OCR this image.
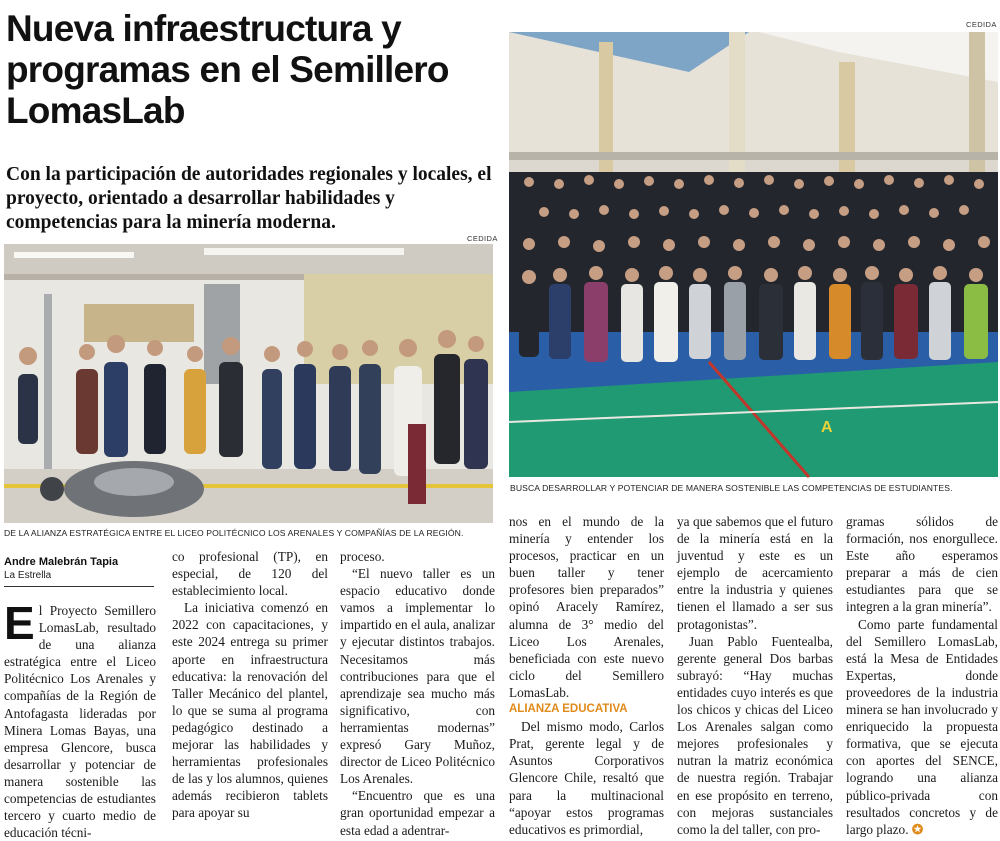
Nueva infraestructura y
programas en el Semillero
LomasLab
Con la participación de autoridades regionales y locales, el
proyecto, orientado a desarrollar habilidades y
competencias para la minería moderna.
CEDIDA
DE LA ALIANZA ESTRATÉGICA ENTRE EL LICEO POLITÉCNICO LOS ARENALES Y COMPAÑÍAS DE LA REGIÓN.
CEDIDA
A
BUSCA DESARROLLAR Y POTENCIAR DE MANERA SOSTENIBLE LAS COMPETENCIAS DE ESTUDIANTES.
Andre Malebrán Tapia
La Estrella

El Proyecto Semillero LomasLab, resultado de una alianza estratégica entre el Liceo Politécnico Los Arenales y compañías de la Región de Antofagasta lideradas por Minera Lomas Bayas, una empresa Glencore, busca desarrollar y potenciar de manera sostenible las competencias de estudiantes tercero y cuarto medio de educación técni-

co profesional (TP), en especial, de 120 del establecimiento local.

La iniciativa comenzó en 2022 con capacitaciones, y este 2024 entrega su primer aporte en infraestructura educativa: la renovación del Taller Mecánico del plantel, lo que se suma al programa pedagógico destinado a mejorar las habilidades y herramientas profesionales de las y los alumnos, quienes además recibieron tablets para apoyar su

proceso.

“El nuevo taller es un espacio educativo donde vamos a implementar lo impartido en el aula, analizar y ejecutar distintos trabajos. Necesitamos más contribuciones para que el aprendizaje sea mucho más significativo, con herramientas modernas” expresó Gary Muñoz, director de Liceo Politécnico Los Arenales.

“Encuentro que es una gran oportunidad empezar a esta edad a adentrar-

nos en el mundo de la minería y entender los procesos, practicar en un buen taller y tener profesores bien preparados” opinó Aracely Ramírez, alumna de 3° medio del Liceo Los Arenales, beneficiada con este nuevo ciclo del Semillero LomasLab.

ALIANZA EDUCATIVA

Del mismo modo, Carlos Prat, gerente legal y de Asuntos Corporativos Glencore Chile, resaltó que para la multinacional “apoyar estos programas educativos es primordial,

ya que sabemos que el futuro de la minería está en la juventud y este es un ejemplo de acercamiento entre la industria y quienes tienen el llamado a ser sus protagonistas”.

Juan Pablo Fuentealba, gerente general Dos barbas subrayó: “Hay muchas entidades cuyo interés es que los chicos y chicas del Liceo Los Arenales salgan como mejores profesionales y nutran la matriz económica de nuestra región. Trabajar en ese propósito en terreno, con mejoras sustanciales como la del taller, con pro-

gramas sólidos de formación, nos enorgullece. Este año esperamos preparar a más de cien estudiantes para que se integren a la gran minería”.

Como parte fundamental del Semillero LomasLab, está la Mesa de Entidades Expertas, donde proveedores de la industria minera se han involucrado y enriquecido la propuesta formativa, que se ejecuta con aportes del SENCE, logrando una alianza público-privada con resultados concretos y de largo plazo. ✪
